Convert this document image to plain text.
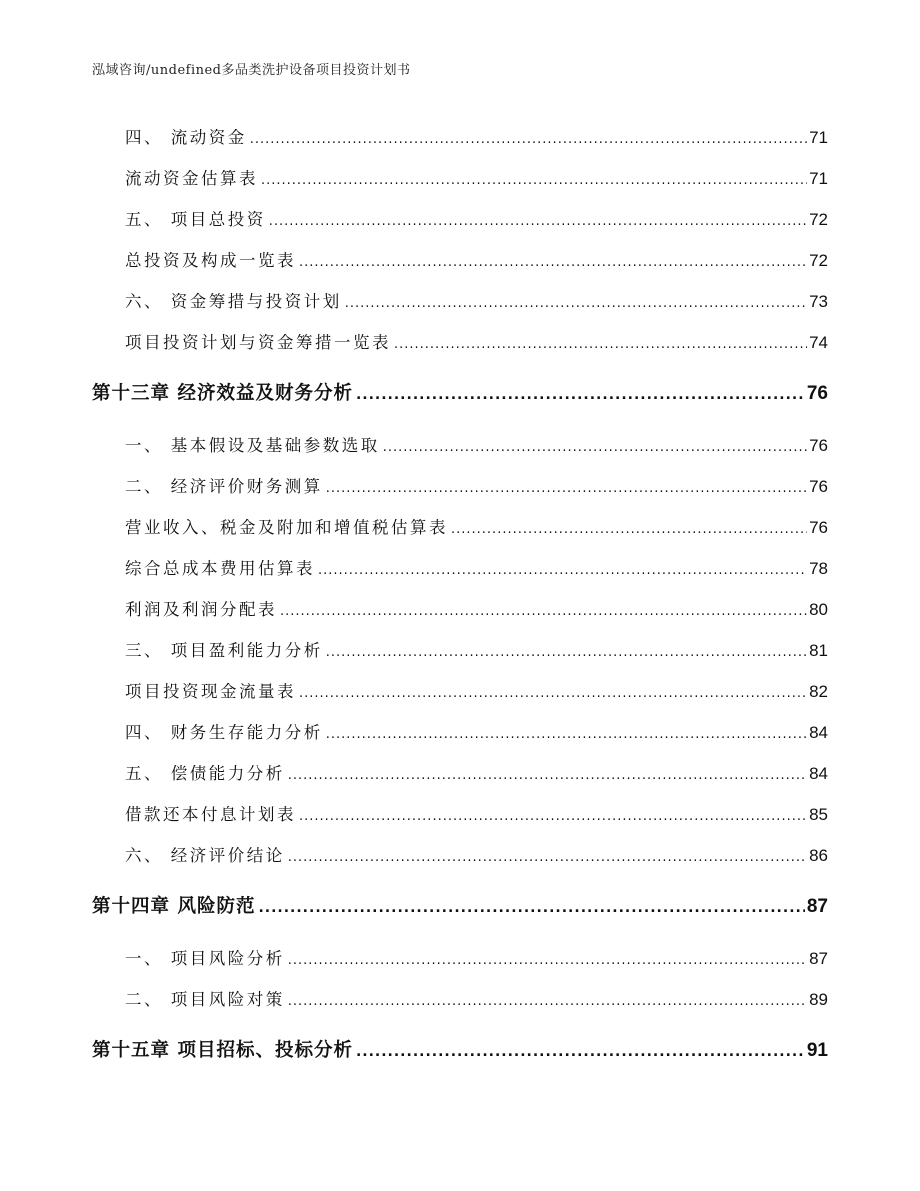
泓域咨询/undefined多品类洗护设备项目投资计划书
四、 流动资金 .....	71
流动资金估算表 .....	71
五、 项目总投资 .....	72
总投资及构成一览表 .....	72
六、 资金筹措与投资计划 .....	73
项目投资计划与资金筹措一览表 .....	74
第十三章 经济效益及财务分析 .....	76
一、 基本假设及基础参数选取 .....	76
二、 经济评价财务测算 .....	76
营业收入、税金及附加和增值税估算表 .....	76
综合总成本费用估算表 .....	78
利润及利润分配表 .....	80
三、 项目盈利能力分析 .....	81
项目投资现金流量表 .....	82
四、 财务生存能力分析 .....	84
五、 偿债能力分析 .....	84
借款还本付息计划表 .....	85
六、 经济评价结论 .....	86
第十四章 风险防范 .....	87
一、 项目风险分析 .....	87
二、 项目风险对策 .....	89
第十五章 项目招标、投标分析 .....	91
